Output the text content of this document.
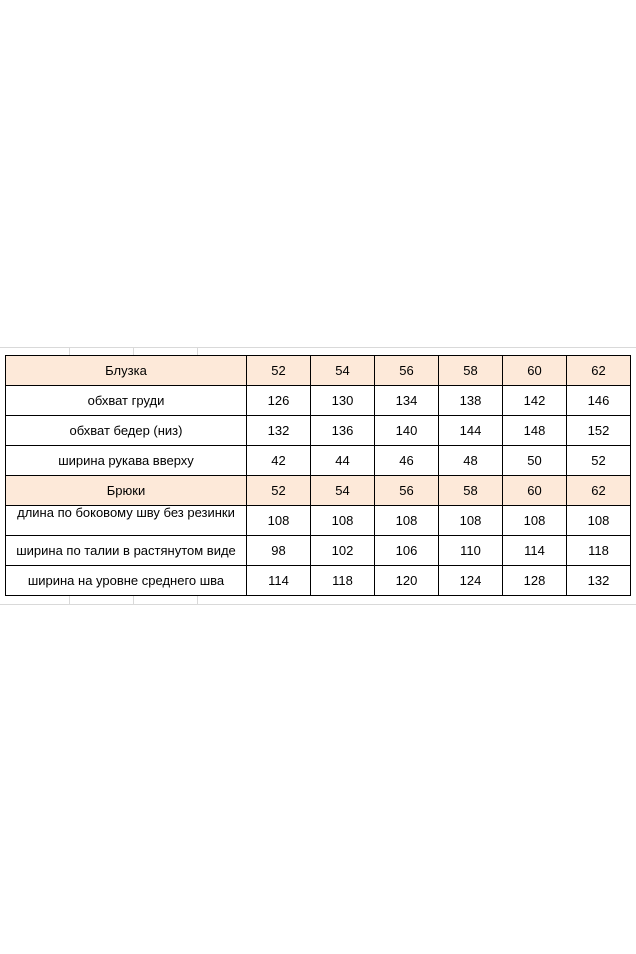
Блузка	52	54	56	58	60	62
обхват груди	126	130	134	138	142	146
обхват бедер (низ)	132	136	140	144	148	152
ширина рукава вверху	42	44	46	48	50	52
Брюки	52	54	56	58	60	62

длина по боковому шву без резинки	108	108	108	108	108	108
ширина по талии в растянутом виде	98	102	106	110	114	118
ширина на уровне среднего шва	114	118	120	124	128	132
